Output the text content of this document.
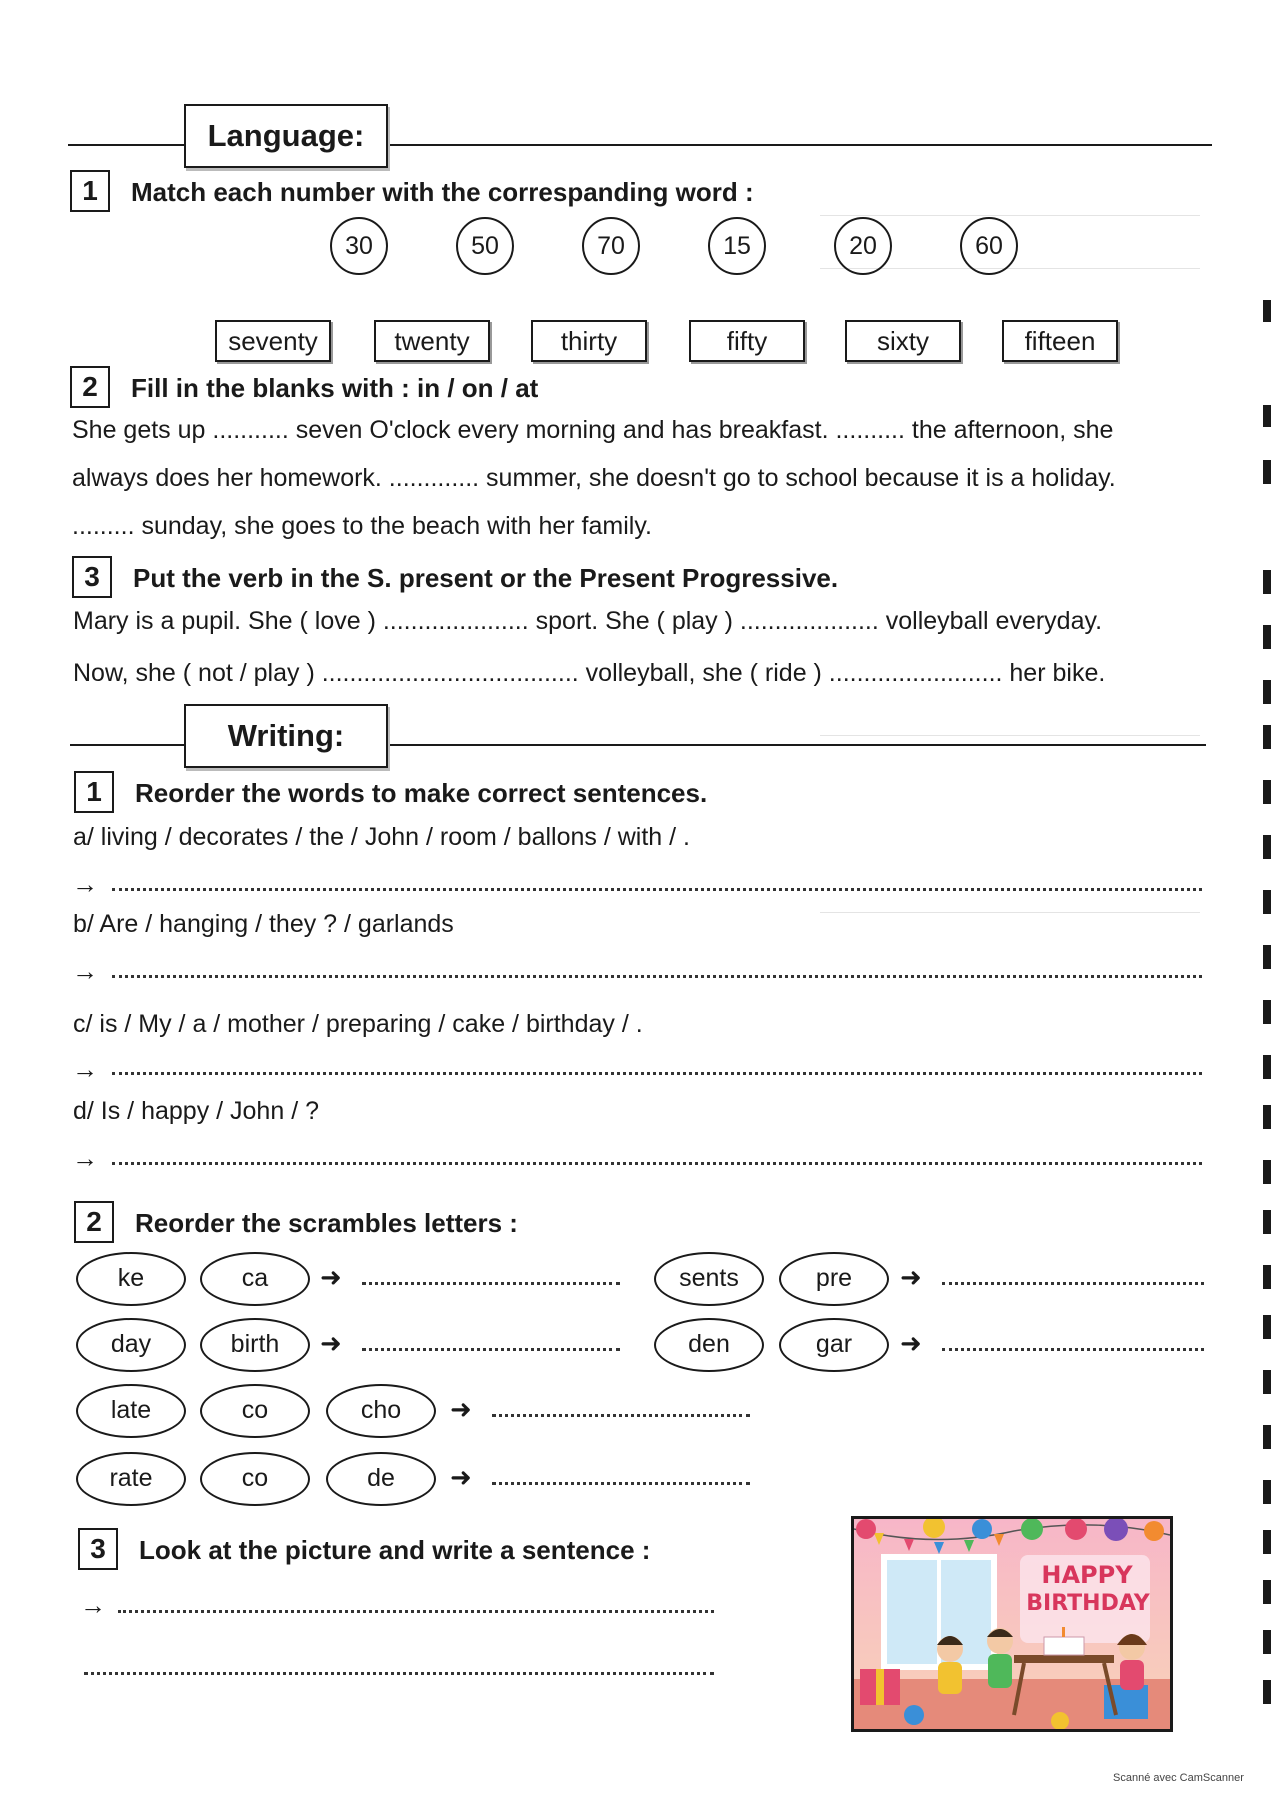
Language:
1	Match each number with the correspanding word :
30	50	70	15	20	60
seventy	twenty	thirty	fifty	sixty	fifteen
2	Fill in the blanks with : in / on / at
She gets up ........... seven O'clock every morning and has breakfast. .......... the afternoon, she
always does her homework. ............. summer, she doesn't go to school because it is a holiday.
......... sunday, she goes to the beach with her family.
3	Put the verb in the S. present or the Present Progressive.
Mary is a pupil. She ( love ) ..................... sport. She ( play ) .................... volleyball everyday.
Now, she ( not / play ) ..................................... volleyball, she ( ride ) ......................... her bike.
Writing:
1	Reorder the words to make correct sentences.
a/ living / decorates / the / John / room / ballons / with / .
→
b/ Are / hanging / they ? / garlands
→
c/ is / My / a / mother / preparing / cake / birthday / .
→
d/ Is / happy / John / ?
→
2	Reorder the scrambles letters :
ke	ca	➜
day	birth	➜
late	co	cho	➜
rate	co	de	➜
sents	pre	➜
den	gar	➜
3	Look at the picture and write a sentence :
→
HAPPY
BIRTHDAY
Scanné avec CamScanner
